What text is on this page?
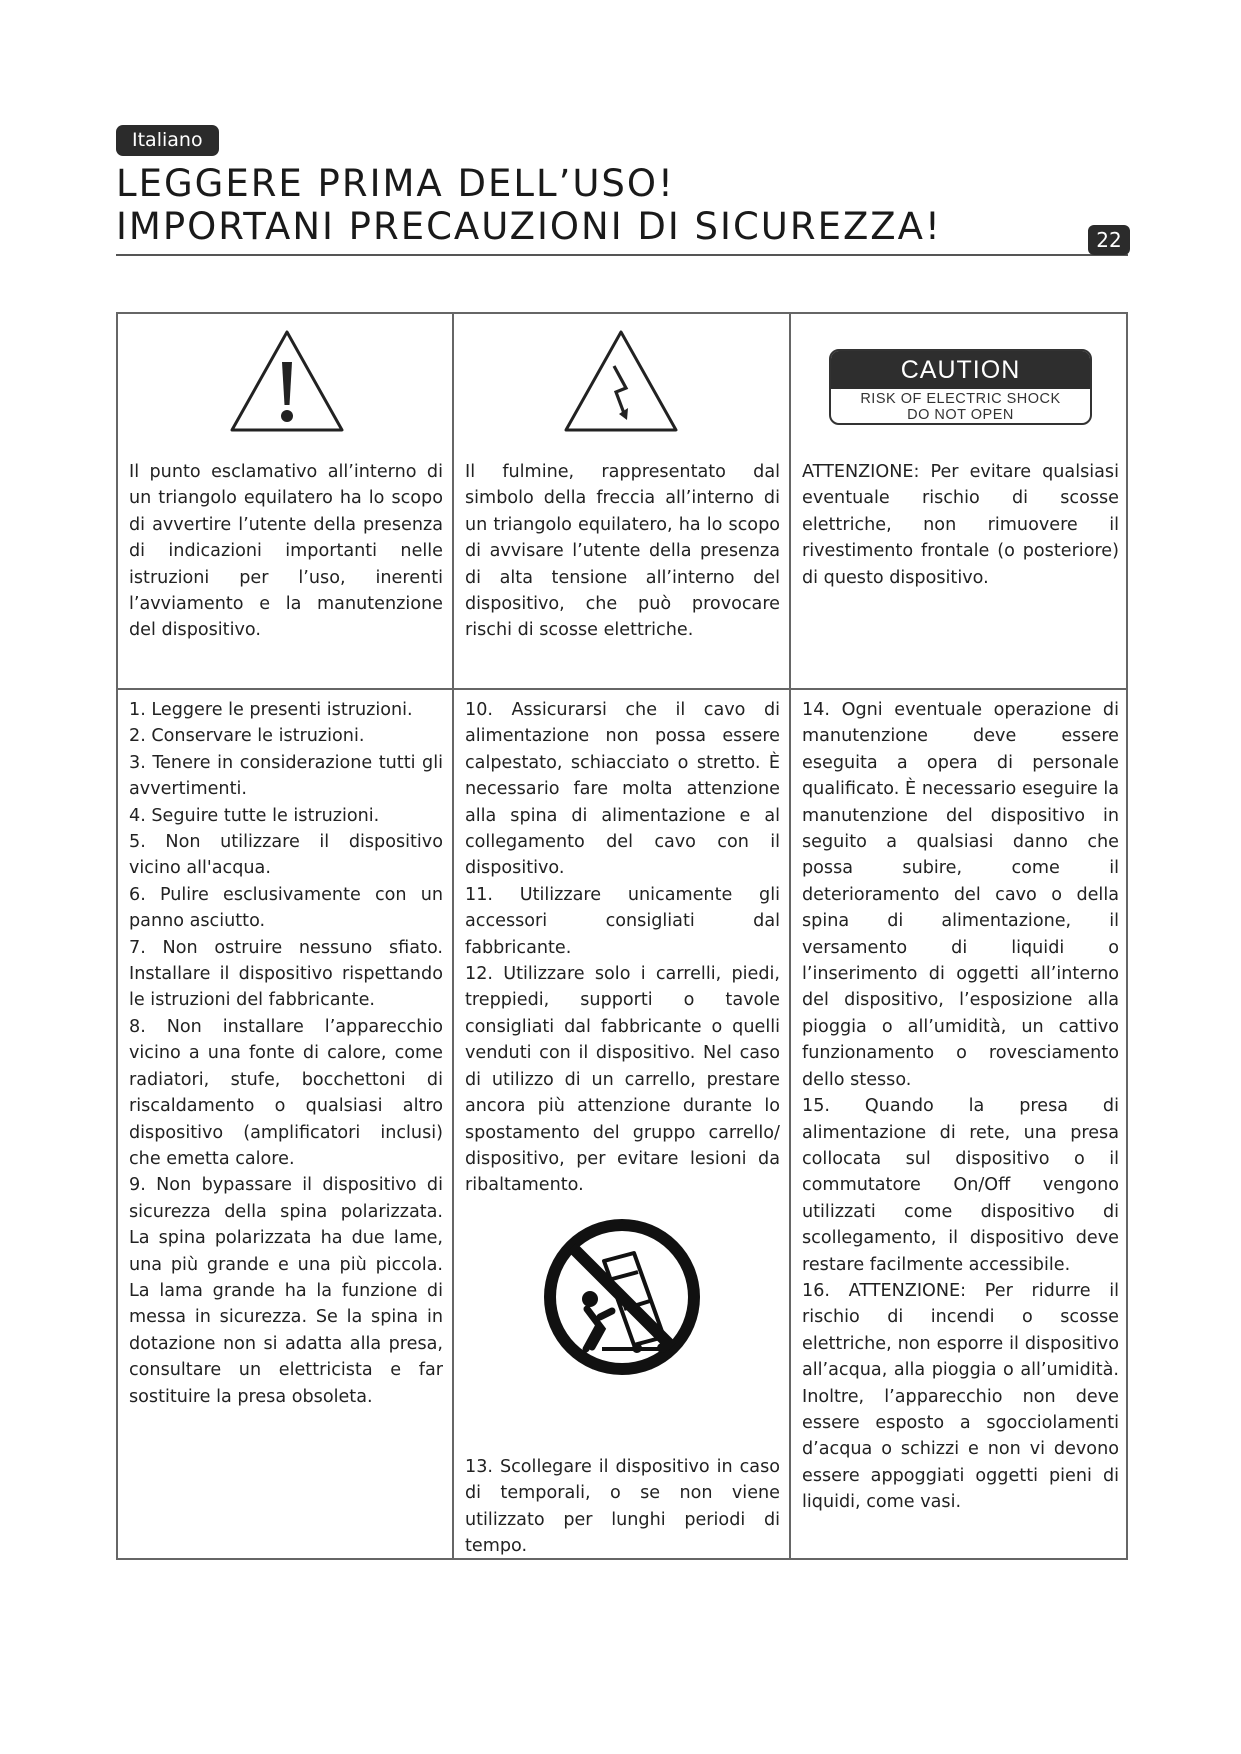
Italiano
LEGGERE PRIMA DELL’USO!
IMPORTANI PRECAUZIONI DI SICUREZZA!	22
CAUTION
RISK OF ELECTRIC SHOCK
DO NOT OPEN

Il punto esclamativo all’interno di un triangolo equilatero ha lo scopo di avvertire l’utente della presenza di indicazioni importanti nelle istruzioni per l’uso, inerenti l’avviamento e la manutenzione del dispositivo.

Il fulmine, rappresentato dal simbolo della freccia all’interno di un triangolo equilatero, ha lo scopo di avvisare l’utente della presenza di alta tensione all’interno del dispositivo, che può provocare rischi di scosse elettriche.

ATTENZIONE: Per evitare qualsiasi eventuale rischio di scosse elettriche, non rimuovere il rivestimento frontale (o posteriore) di questo dispositivo.

1. Leggere le presenti istruzioni.

2. Conservare le istruzioni.

3. Tenere in considerazione tutti gli avvertimenti.

4. Seguire tutte le istruzioni.

5. Non utilizzare il dispositivo vicino all'acqua.

6. Pulire esclusivamente con un panno asciutto.

7. Non ostruire nessuno sfiato. Installare il dispositivo rispettando le istruzioni del fabbricante.

8. Non installare l’apparecchio vicino a una fonte di calore, come radiatori, stufe, bocchettoni di riscaldamento o qualsiasi altro dispositivo (amplificatori inclusi) che emetta calore.

9. Non bypassare il dispositivo di sicurezza della spina polarizzata. La spina polarizzata ha due lame, una più grande e una più piccola. La lama grande ha la funzione di messa in sicurezza. Se la spina in dotazione non si adatta alla presa, consultare un elettricista e far sostituire la presa obsoleta.

10. Assicurarsi che il cavo di alimentazione non possa essere calpestato, schiacciato o stretto. È necessario fare molta attenzione alla spina di alimentazione e al collegamento del cavo con il dispositivo.

11. Utilizzare unicamente gli accessori consigliati dal fabbricante.

12. Utilizzare solo i carrelli, piedi, treppiedi, supporti o tavole consigliati dal fabbricante o quelli venduti con il dispositivo. Nel caso di utilizzo di un carrello, prestare ancora più attenzione durante lo spostamento del gruppo carrello/ dispositivo, per evitare lesioni da ribaltamento.

13. Scollegare il dispositivo in caso di temporali, o se non viene utilizzato per lunghi periodi di tempo.

14. Ogni eventuale operazione di manutenzione deve essere eseguita a opera di personale qualificato. È necessario eseguire la manutenzione del dispositivo in seguito a qualsiasi danno che possa subire, come il deterioramento del cavo o della spina di alimentazione, il versamento di liquidi o l’inserimento di oggetti all’interno del dispositivo, l’esposizione alla pioggia o all’umidità, un cattivo funzionamento o rovesciamento dello stesso.

15. Quando la presa di alimentazione di rete, una presa collocata sul dispositivo o il commutatore On/Off vengono utilizzati come dispositivo di scollegamento, il dispositivo deve restare facilmente accessibile.

16. ATTENZIONE: Per ridurre il rischio di incendi o scosse elettriche, non esporre il dispositivo all’acqua, alla pioggia o all’umidità. Inoltre, l’apparecchio non deve essere esposto a sgocciolamenti d’acqua o schizzi e non vi devono essere appoggiati oggetti pieni di liquidi, come vasi.
